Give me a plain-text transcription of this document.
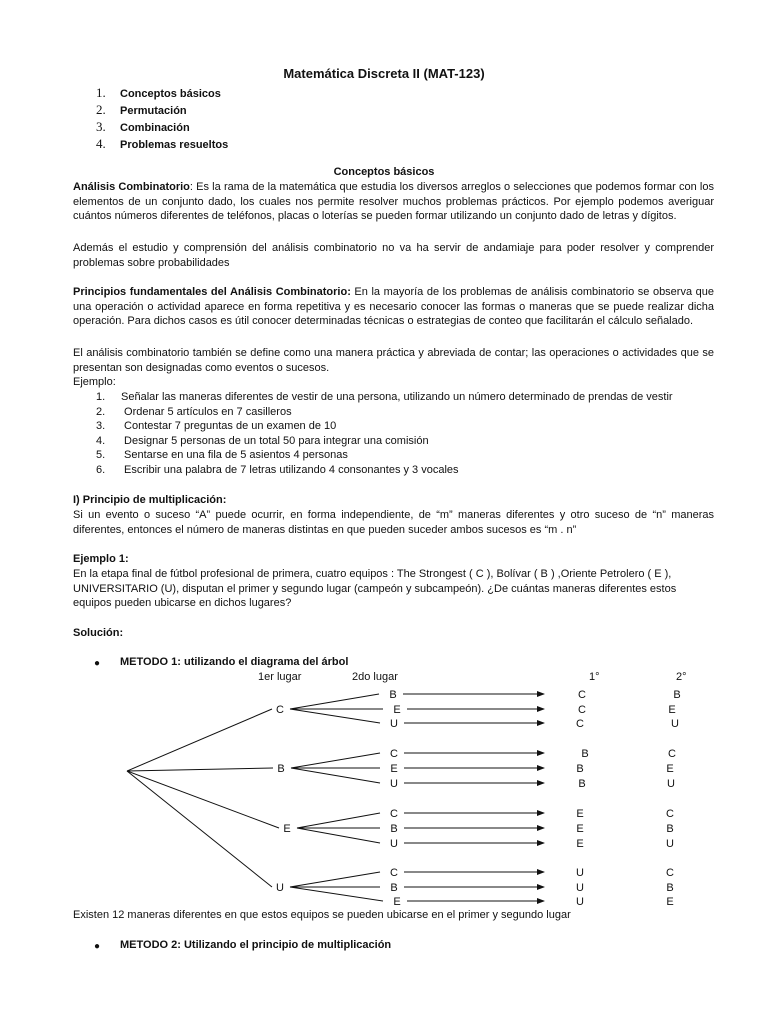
Matemática Discreta II (MAT-123)
1. Conceptos básicos
2. Permutación
3. Combinación
4. Problemas resueltos
Conceptos básicos
Análisis Combinatorio: Es la rama de la matemática que estudia los diversos arreglos o selecciones que podemos formar con los elementos de un conjunto dado, los cuales nos permite resolver muchos problemas prácticos. Por ejemplo podemos averiguar cuántos números diferentes de teléfonos, placas o loterías se pueden formar utilizando un conjunto dado de letras y dígitos.
Además el estudio y comprensión del análisis combinatorio no va ha servir de andamiaje para poder resolver y comprender problemas sobre probabilidades
Principios fundamentales del Análisis Combinatorio: En la mayoría de los problemas de análisis combinatorio se observa que una operación o actividad aparece en forma repetitiva y es necesario conocer las formas o maneras que se puede realizar dicha operación. Para dichos casos es útil conocer determinadas técnicas o estrategias de conteo que facilitarán el cálculo señalado.
El análisis combinatorio también se define como una manera práctica y abreviada de contar; las operaciones o actividades que se presentan son designadas como eventos o sucesos.
Ejemplo:
1. Señalar las maneras diferentes de vestir de una persona, utilizando un número determinado de prendas de vestir
2. Ordenar 5 artículos en 7 casilleros
3. Contestar 7 preguntas de un examen de 10
4. Designar 5 personas de un total 50 para integrar una comisión
5. Sentarse en una fila de 5 asientos 4 personas
6. Escribir una palabra de 7 letras utilizando 4 consonantes y 3 vocales
I) Principio de multiplicación:
Si un evento o suceso “A” puede ocurrir, en forma independiente, de “m” maneras diferentes y otro suceso de “n” maneras diferentes, entonces el número de maneras distintas en que pueden suceder ambos sucesos es “m . n”
Ejemplo 1:
En la etapa final de fútbol profesional de primera, cuatro equipos : The Strongest ( C ), Bolívar ( B ) ,Oriente Petrolero ( E ), UNIVERSITARIO (U), disputan el primer y segundo lugar (campeón y subcampeón). ¿De cuántas maneras diferentes estos equipos pueden ubicarse en dichos lugares?
Solución:
● METODO 1: utilizando el diagrama del árbol
1er lugar	2do lugar	1°	2°
C
B	C	B
E	C	E
U	C	U
B
C	B	C
E	B	E
U	B	U
E
C	E	C
B	E	B
U	E	U
U
C	U	C
B	U	B
E	U	E
Existen 12 maneras diferentes en que estos equipos se pueden ubicarse en el primer y segundo lugar
● METODO 2: Utilizando el principio de multiplicación
